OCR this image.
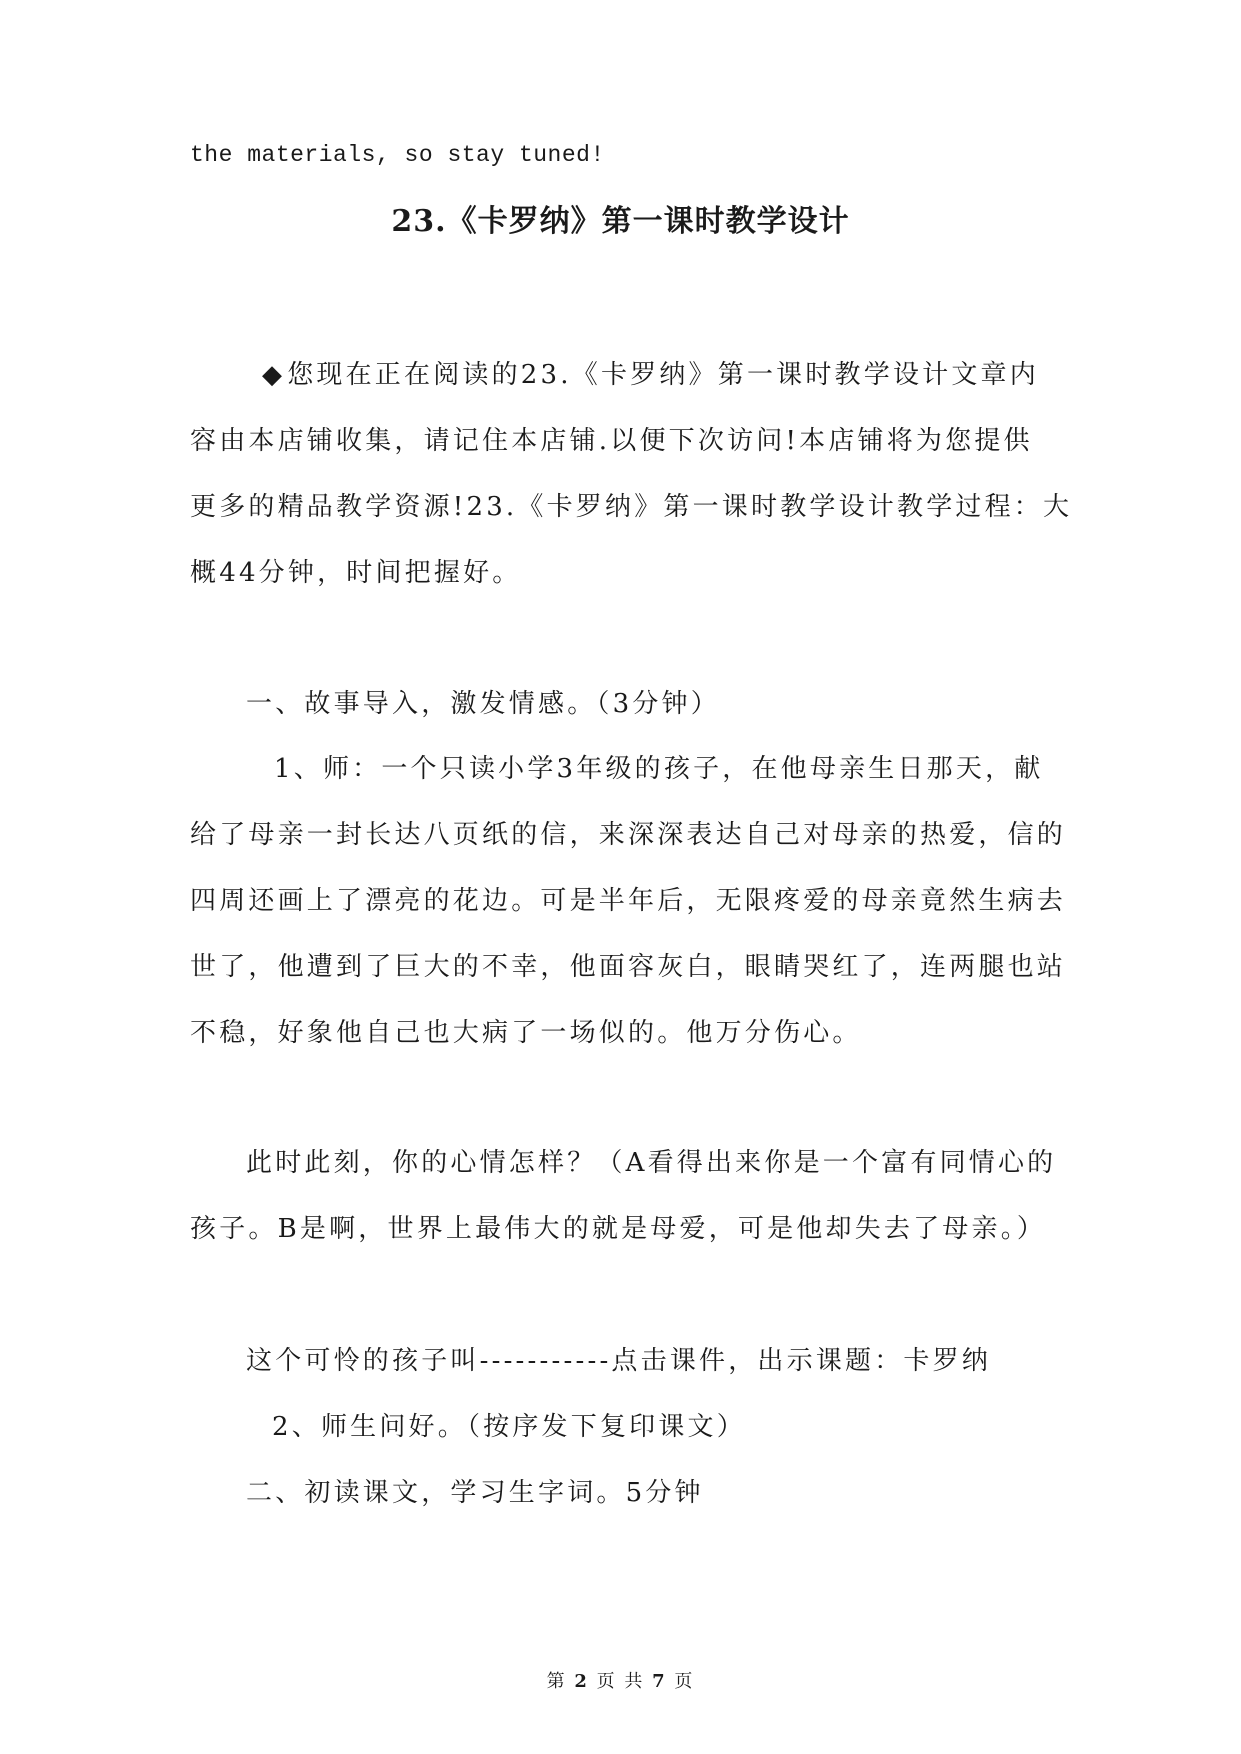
the materials, so stay tuned!
23.《卡罗纳》第一课时教学设计
◆您现在正在阅读的23.《卡罗纳》第一课时教学设计文章内
容由本店铺收集，请记住本店铺.以便下次访问!本店铺将为您提供
更多的精品教学资源!23.《卡罗纳》第一课时教学设计教学过程：大
概44分钟，时间把握好。
一、故事导入，激发情感。（3分钟）
1、师：一个只读小学3年级的孩子，在他母亲生日那天，献
给了母亲一封长达八页纸的信，来深深表达自己对母亲的热爱，信的
四周还画上了漂亮的花边。可是半年后，无限疼爱的母亲竟然生病去
世了，他遭到了巨大的不幸，他面容灰白，眼睛哭红了，连两腿也站
不稳，好象他自己也大病了一场似的。他万分伤心。
此时此刻，你的心情怎样？（A看得出来你是一个富有同情心的
孩子。B是啊，世界上最伟大的就是母爱，可是他却失去了母亲。）
这个可怜的孩子叫-----------点击课件，出示课题：卡罗纳
2、师生问好。（按序发下复印课文）
二、初读课文，学习生字词。5分钟
第 2 页 共 7 页
